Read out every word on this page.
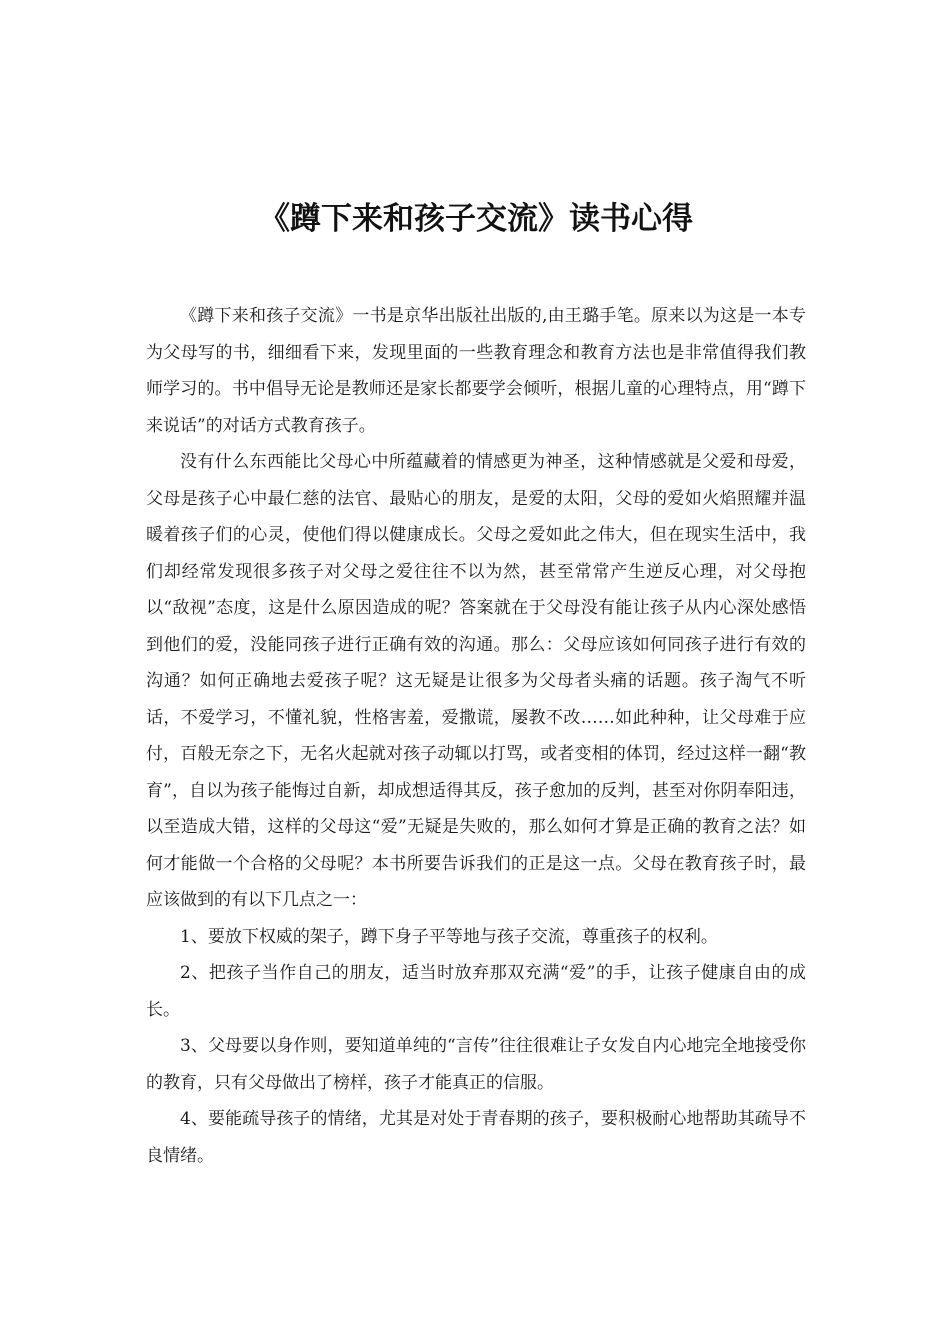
《蹲下来和孩子交流》读书心得

《蹲下来和孩子交流》一书是京华出版社出版的,由王璐手笔。原来以为这是一本专为父母写的书，细细看下来，发现里面的一些教育理念和教育方法也是非常值得我们教师学习的。书中倡导无论是教师还是家长都要学会倾听，根据儿童的心理特点，用“蹲下来说话”的对话方式教育孩子。

没有什么东西能比父母心中所蕴藏着的情感更为神圣，这种情感就是父爱和母爱，父母是孩子心中最仁慈的法官、最贴心的朋友，是爱的太阳，父母的爱如火焰照耀并温暖着孩子们的心灵，使他们得以健康成长。父母之爱如此之伟大，但在现实生活中，我们却经常发现很多孩子对父母之爱往往不以为然，甚至常常产生逆反心理，对父母抱以“敌视”态度，这是什么原因造成的呢？答案就在于父母没有能让孩子从内心深处感悟到他们的爱，没能同孩子进行正确有效的沟通。那么：父母应该如何同孩子进行有效的沟通？如何正确地去爱孩子呢？这无疑是让很多为父母者头痛的话题。孩子淘气不听话，不爱学习，不懂礼貌，性格害羞，爱撒谎，屡教不改……如此种种，让父母难于应付，百般无奈之下，无名火起就对孩子动辄以打骂，或者变相的体罚，经过这样一翻“教育”，自以为孩子能悔过自新，却成想适得其反，孩子愈加的反判，甚至对你阴奉阳违，以至造成大错，这样的父母这“爱”无疑是失败的，那么如何才算是正确的教育之法？如何才能做一个合格的父母呢？本书所要告诉我们的正是这一点。父母在教育孩子时，最应该做到的有以下几点之一：

1、要放下权威的架子，蹲下身子平等地与孩子交流，尊重孩子的权利。

2、把孩子当作自己的朋友，适当时放弃那双充满“爱”的手，让孩子健康自由的成长。

3、父母要以身作则，要知道单纯的“言传”往往很难让子女发自内心地完全地接受你的教育，只有父母做出了榜样，孩子才能真正的信服。

4、要能疏导孩子的情绪，尤其是对处于青春期的孩子，要积极耐心地帮助其疏导不良情绪。
